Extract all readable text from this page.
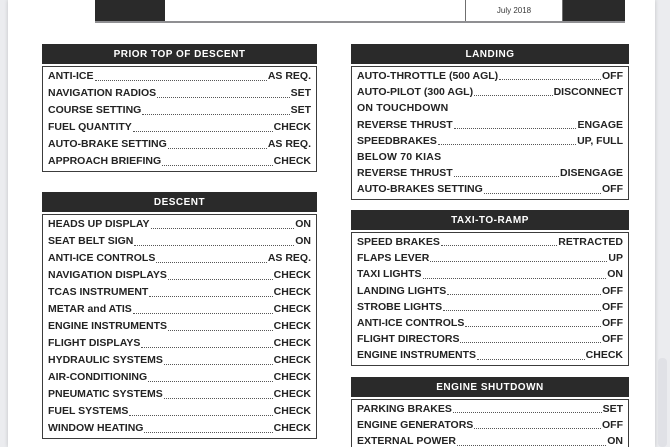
July 2018
PRIOR TOP OF DESCENT
ANTI-ICE	AS REQ.
NAVIGATION RADIOS	SET
COURSE SETTING	SET
FUEL QUANTITY	CHECK
AUTO-BRAKE SETTING	AS REQ.
APPROACH BRIEFING	CHECK
DESCENT
HEADS UP DISPLAY	ON
SEAT BELT SIGN	ON
ANTI-ICE CONTROLS	AS REQ.
NAVIGATION DISPLAYS	CHECK
TCAS INSTRUMENT	CHECK
METAR and ATIS	CHECK
ENGINE INSTRUMENTS	CHECK
FLIGHT DISPLAYS	CHECK
HYDRAULIC SYSTEMS	CHECK
AIR-CONDITIONING	CHECK
PNEUMATIC SYSTEMS	CHECK
FUEL SYSTEMS	CHECK
WINDOW HEATING	CHECK
LANDING
AUTO-THROTTLE (500 AGL)	OFF
AUTO-PILOT (300 AGL)	DISCONNECT
ON TOUCHDOWN
REVERSE THRUST	ENGAGE
SPEEDBRAKES	UP, FULL
BELOW 70 KIAS
REVERSE THRUST	DISENGAGE
AUTO-BRAKES SETTING	OFF
TAXI-TO-RAMP
SPEED BRAKES	RETRACTED
FLAPS LEVER	UP
TAXI LIGHTS	ON
LANDING LIGHTS	OFF
STROBE LIGHTS	OFF
ANTI-ICE CONTROLS	OFF
FLIGHT DIRECTORS	OFF
ENGINE INSTRUMENTS	CHECK
ENGINE SHUTDOWN
PARKING BRAKES	SET
ENGINE GENERATORS	OFF
EXTERNAL POWER	ON
